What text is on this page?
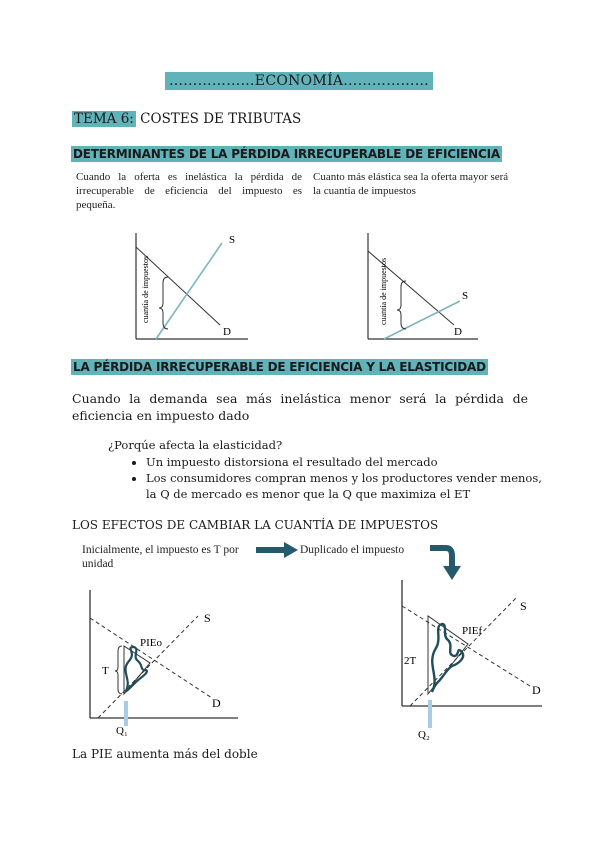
………………ECONOMÍA………………
TEMA 6: COSTES DE TRIBUTAS
DETERMINANTES DE LA PÉRDIDA IRRECUPERABLE DE EFICIENCIA
Cuando la oferta es inelástica la pérdida de irrecuperable de eficiencia del impuesto es pequeña.
Cuanto más elástica sea la oferta mayor será la cuantía de impuestos
S
D
cuantía de impuestos	S
D
cuantía de impuestos
LA PÉRDIDA IRRECUPERABLE DE EFICIENCIA Y LA ELASTICIDAD
Cuando la demanda sea más inelástica menor será la pérdida de eficiencia en impuesto dado
¿Porqúe afecta la elasticidad?
• Un impuesto distorsiona el resultado del mercado
• Los consumidores compran menos y los productores vender menos, la Q de mercado es menor que la Q que maximiza el ET
LOS EFECTOS DE CAMBIAR LA CUANTÍA DE IMPUESTOS
Inicialmente, el impuesto es T por unidad
Duplicado el impuesto
S
D
PIEo
T
Q₁
S
D
PIEf
2T
Q₂
La PIE aumenta más del doble
